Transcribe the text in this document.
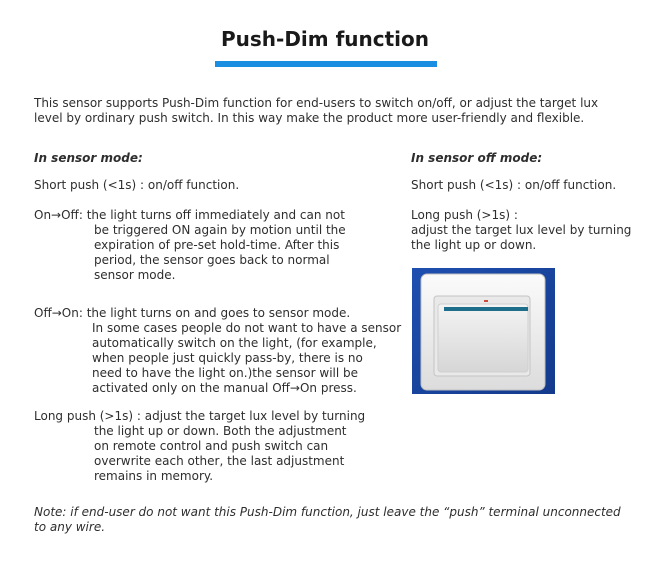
Push-Dim function
This sensor supports Push-Dim function for end-users to switch on/off, or adjust the target lux level by ordinary push switch. In this way make the product more user-friendly and flexible.
In sensor mode:
Short push (<1s) : on/off function.
On→Off: the light turns off immediately and can not
be triggered ON again by motion until the
expiration of pre-set hold-time. After this
period, the sensor goes back to normal
sensor mode.
Off→On: the light turns on and goes to sensor mode.
In some cases people do not want to have a sensor
automatically switch on the light, (for example,
when people just quickly pass-by, there is no
need to have the light on.)the sensor will be
activated only on the manual Off→On press.
Long push (>1s) : adjust the target lux level by turning
the light up or down. Both the adjustment
on remote control and push switch can
overwrite each other, the last adjustment
remains in memory.
In sensor off mode:
Short push (<1s) : on/off function.
Long push (>1s) :
adjust the target lux level by turning
the light up or down.
Note: if end-user do not want this Push-Dim function, just leave the “push” terminal unconnected to any wire.
